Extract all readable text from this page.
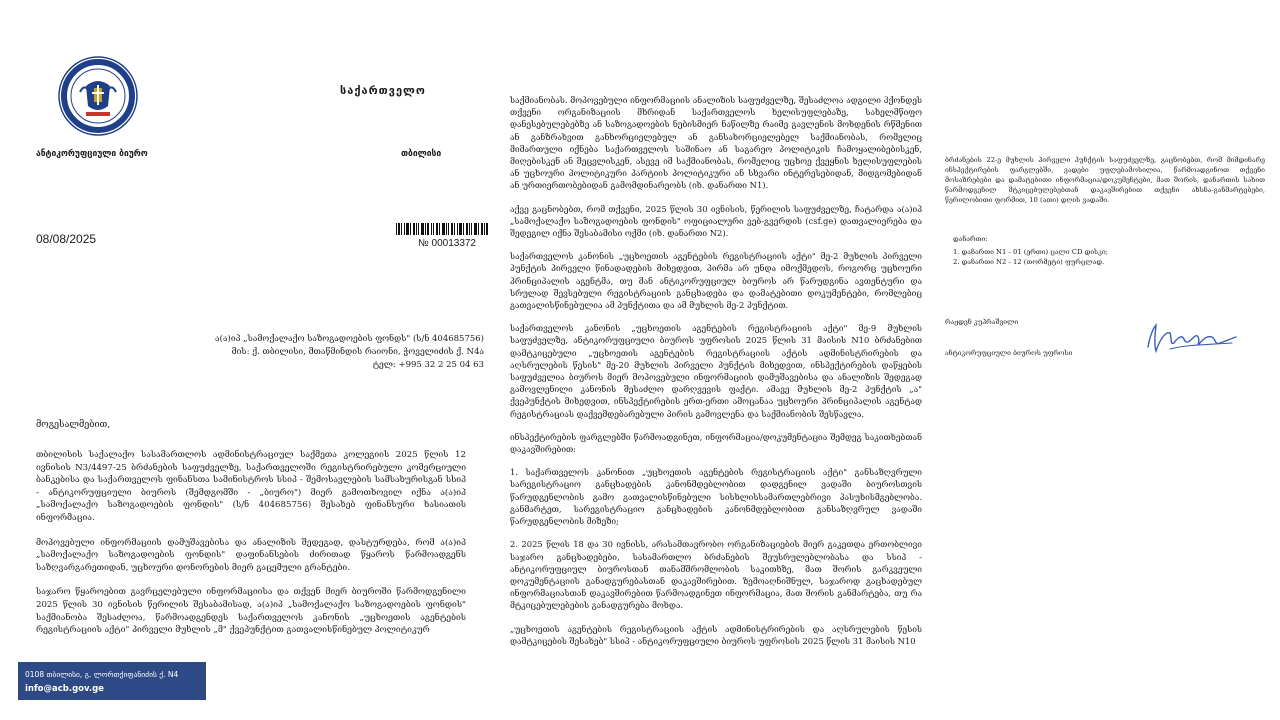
საქართველო
ანტიკორუფციული ბიურო	თბილისი
08/08/2025	№ 00013372
ა(ა)იპ „სამოქალაქო საზოგადოების ფონდს" (ს/ნ 404685756)
მის: ქ. თბილისი, მთაწმინდის რაიონი, ჭოველიძის ქ. N4ა
ტელ: +995 32 2 25 04 63
მოგესალმებით,

თბილისის საქალაქო სასამართლოს ადმინისტრაციულ საქმეთა კოლეგიის 2025 წლის 12 ივნისის N3/4497-25 ბრძანების საფუძველზე, საქართველოში რეგისტრირებული კომერციული ბანკებისა და საქართველოს ფინანსთა სამინისტროს სსიპ - შემოსავლების სამსახურისგან სსიპ - ანტიკორუფციული ბიუროს (შემდგომში - „ბიურო") მიერ გამოთხოვილ იქნა ა(ა)იპ „სამოქალაქო საზოგადოების ფონდის" (ს/ნ 404685756) შესახებ ფინანსური ხასიათის ინფორმაცია.

მოპოვებული ინფორმაციის დამუშავებისა და ანალიზის შედეგად, დასტურდება, რომ ა(ა)იპ „სამოქალაქო საზოგადოების ფონდის" დაფინანსების ძირითად წყაროს წარმოადგენს საზღვარგარეთიდან, უცხოური დონორების მიერ გაცემული გრანტები.

საჯარო წყაროებით გავრცელებული ინფორმაციისა და თქვენ მიერ ბიუროში წარმოდგენილი 2025 წლის 30 ივნისის წერილის შესაბამისად, ა(ა)იპ „სამოქალაქო საზოგადოების ფონდის" საქმიანობა შესაძლოა, წარმოადგენდეს საქართველოს კანონის „უცხოეთის აგენტების რეგისტრაციის აქტი" პირველი მუხლის „მ" ქვეპუნქტით გათვალისწინებულ პოლიტიკურ

0108 თბილისი, გ. ლორთქიფანიძის ქ. N4
info@acb.gov.ge

საქმიანობას. მოპოვებული ინფორმაციის ანალიზის საფუძველზე, შესაძლოა ადგილი ჰქონდეს თქვენი ორგანიზაციის მხრიდან საქართველოს ხელისუფლებაზე, სახელმწიფო დანესებულებებზე ან საზოგადოების ნებისმიერ ნაწილზე რაიმე გავლენის მოხდენის რწმენით ან განზრახვით განხორციელებულ ან განსახორციელებელ საქმიანობას, რომელიც მიმართული იქნება საქართველოს საშინაო ან საგარეო პოლიტიკის ჩამოყალიბებისკენ, მიღებისკენ ან შეცვლისკენ, ასევე იმ საქმიანობას, რომელიც უცხოე ქვეყნის ხელისუფლების ან უცხოური პოლიტიკური პარტიის პოლიტიკური ან სხვარი ინტერესებიდან, მიდგომებიდან ან ურთიერთობებიდან გამომდინარეობს (იხ. დანართი N1).

აქვე გაცნობებთ, რომ თქვენი, 2025 წლის 30 ივნისის, წერილის საფუძველზე, ჩატარდა ა(ა)იპ „სამოქალაქო საზოგადოების ფონდის" ოფიციალური ვებ-გვერდის (csf.ge) დათვალიერება და შედეგილ იქნა შესაბამისი ოქმი (იხ. დანართი N2).

საქართველოს კანონის „უცხოეთის აგენტების რეგისტრაციის აქტი" მე-2 მუხლის პირველი პუნქტის პირველი წინადადების მიხედვით, პირმა არ უნდა იმოქმედოს, როგორც უცხოური პრინციპალის აგენტმა, თუ მან ანტიკორუფციულ ბიუროს არ წარუდგინა ავთენტური და სრულად შევსებული რეგისტრაციის განცხადება და დამატებითი დოკუმენტები, რომლებიც გათვალისწინებულია ამ პუნქტითა და ამ მუხლის მე-2 პუნქტით.

საქართველოს კანონის „უცხოეთის აგენტების რეგისტრაციის აქტი" მე-9 მუხლის საფუძველზე, ანტიკორუფციული ბიუროს უფროსის 2025 წლის 31 მაისის N10 ბრძანებით დამტკიცებული „უცხოეთის აგენტების რეგისტრაციის აქტის ადმინისტრირების და აღსრულების წესის" მე-20 მუხლის პირველი პუნქტის მიხედვით, ინსპექტირების დაწყების საფუძველია ბიუროს მიერ მოპოვებული ინფორმაციის დამუშავებისა და ანალიზის შედეგად გამოვლენილი კანონის შესაძლო დარღვევის ფაქტი. ამავე მუხლის მე-2 პუნქტის „ა" ქვეპუნქტის მიხედვით, ინსპექტირების ერთ-ერთი ამოცანაა უცხოური პრინციპალის აგენტად რეგისტრაციას დაქვემდებარებული პირის გამოვლენა და საქმიანობის შესწავლა.

ინსპექტირების ფარგლებში წარმოადგინეთ, ინფორმაცია/დოკუმენტაცია შემდეგ საკითხებთან დაკავშირებით:

1. საქართველოს კანონით „უცხოეთის აგენტების რეგისტრაციის აქტი" განსაზღვრული სარეგისტრაციო განცხადების კანონმდებლობით დადგენილ ვადაში ბიუროსთვის წარუდგენლობის გამო გათვალისწინებული სისხლისსამართლებრივი პასუხისმგებლობა. განმარტეთ, სარეგისტრაციო განცხადების კანონმდებლობით განსაზღვრულ ვადაში წარუდგენლობის მიზეზი;

2. 2025 წლის 18 და 30 ივნისს, არასამთავრობო ორგანიზაციების მიერ გაკეთდა ერთობლივი საჯარო განცხადებები, სასამართლო ბრძანების შეუსრულებლობასა და სსიპ - ანტიკორუფციულ ბიუროსთან თანამშრომლობის საკითხზე, მათ შორის გარკვეული დოკუმენტაციის განადგურებასთან დაკავშირებით. ზემოაღნიშნულ, საჯაროდ გაცხადებულ ინფორმაციასთან დაკავშირებით წარმოადგინეთ ინფორმაცია, მათ შორის განმარტება, თუ რა მტკიცებულებების განადგურება მოხდა.

„უცხოეთის აგენტების რეგისტრაციის აქტის ადმინისტრირების და აღსრულების წესის დამტკიცების შესახებ" სსიპ - ანტიკორუფციული ბიუროს უფროსის 2025 წლის 31 მაისის N10

ბრძანების 22-ე მუხლის პირველი პუნქტის საფუძველზე, გაცნობებთ, რომ მიმდინარე ინსპექტირების ფარგლებში, ვადები უფლებამოსილია, წარმოადგინოთ თქვენი მოსაზრებები და დამატებითი ინფორმაცია/დოკუმენტები, მათ შორის, დანართის სახით წარმოდგენილ მტკიცებულებებთან დაკავშირებით თქვენი ახსნა-განმარტებები, წერილობითი ფორმით, 10 (ათი) დღის ვადაში.
დანართი:
1. დანართი N1 - 01 (ერთი) ცალი CD დისკი;
2. დანართი N2 - 12 (თორმეტი) ფურცლად.
რაჟდენ კუპრაშვილი
ანტიკორუფციული ბიუროს უფროსი
